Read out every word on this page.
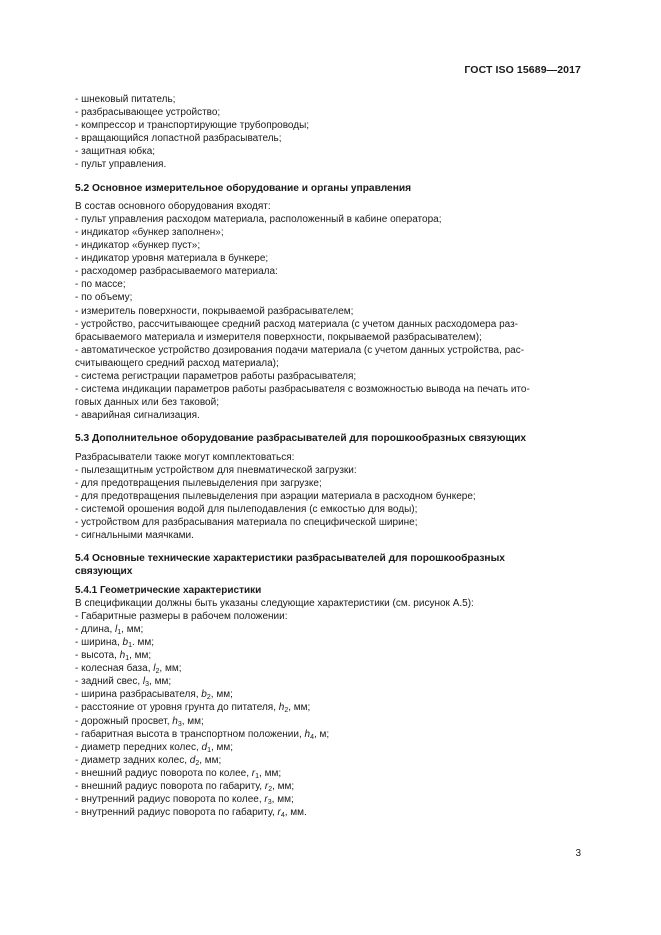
ГОСТ ISO 15689—2017
- шнековый питатель;
- разбрасывающее устройство;
- компрессор и транспортирующие трубопроводы;
- вращающийся лопастной разбрасыватель;
- защитная юбка;
- пульт управления.
5.2 Основное измерительное оборудование и органы управления
В состав основного оборудования входят:
- пульт управления расходом материала, расположенный в кабине оператора;
- индикатор «бункер заполнен»;
- индикатор «бункер пуст»;
- индикатор уровня материала в бункере;
- расходомер разбрасываемого материала:
- по массе;
- по объему;
- измеритель поверхности, покрываемой разбрасывателем;
- устройство, рассчитывающее средний расход материала (с учетом данных расходомера раз-
брасываемого материала и измерителя поверхности, покрываемой разбрасывателем);
- автоматическое устройство дозирования подачи материала (с учетом данных устройства, рас-
считывающего средний расход материала);
- система регистрации параметров работы разбрасывателя;
- система индикации параметров работы разбрасывателя с возможностью вывода на печать ито-
говых данных или без таковой;
- аварийная сигнализация.
5.3 Дополнительное оборудование разбрасывателей для порошкообразных связующих
Разбрасыватели также могут комплектоваться:
- пылезащитным устройством для пневматической загрузки:
- для предотвращения пылевыделения при загрузке;
- для предотвращения пылевыделения при аэрации материала в расходном бункере;
- системой орошения водой для пылеподавления (с емкостью для воды);
- устройством для разбрасывания материала по специфической ширине;
- сигнальными маячками.
5.4 Основные технические характеристики разбрасывателей для порошкообразных
связующих
5.4.1 Геометрические характеристики
В спецификации должны быть указаны следующие характеристики (см. рисунок А.5):
- Габаритные размеры в рабочем положении:
- длина, $l_1$, мм;
- ширина, $b_1$. мм;
- высота, $h_1$, мм;
- колесная база, $l_2$, мм;
- задний свес, $l_3$, мм;
- ширина разбрасывателя, $b_2$, мм;
- расстояние от уровня грунта до питателя, $h_2$, мм;
- дорожный просвет, $h_3$, мм;
- габаритная высота в транспортном положении, $h_4$, м;
- диаметр передних колес, $d_1$, мм;
- диаметр задних колес, $d_2$, мм;
- внешний радиус поворота по колее, $r_1$, мм;
- внешний радиус поворота по габариту, $r_2$, мм;
- внутренний радиус поворота по колее, $r_3$, мм;
- внутренний радиус поворота по габариту, $r_4$, мм.
3
